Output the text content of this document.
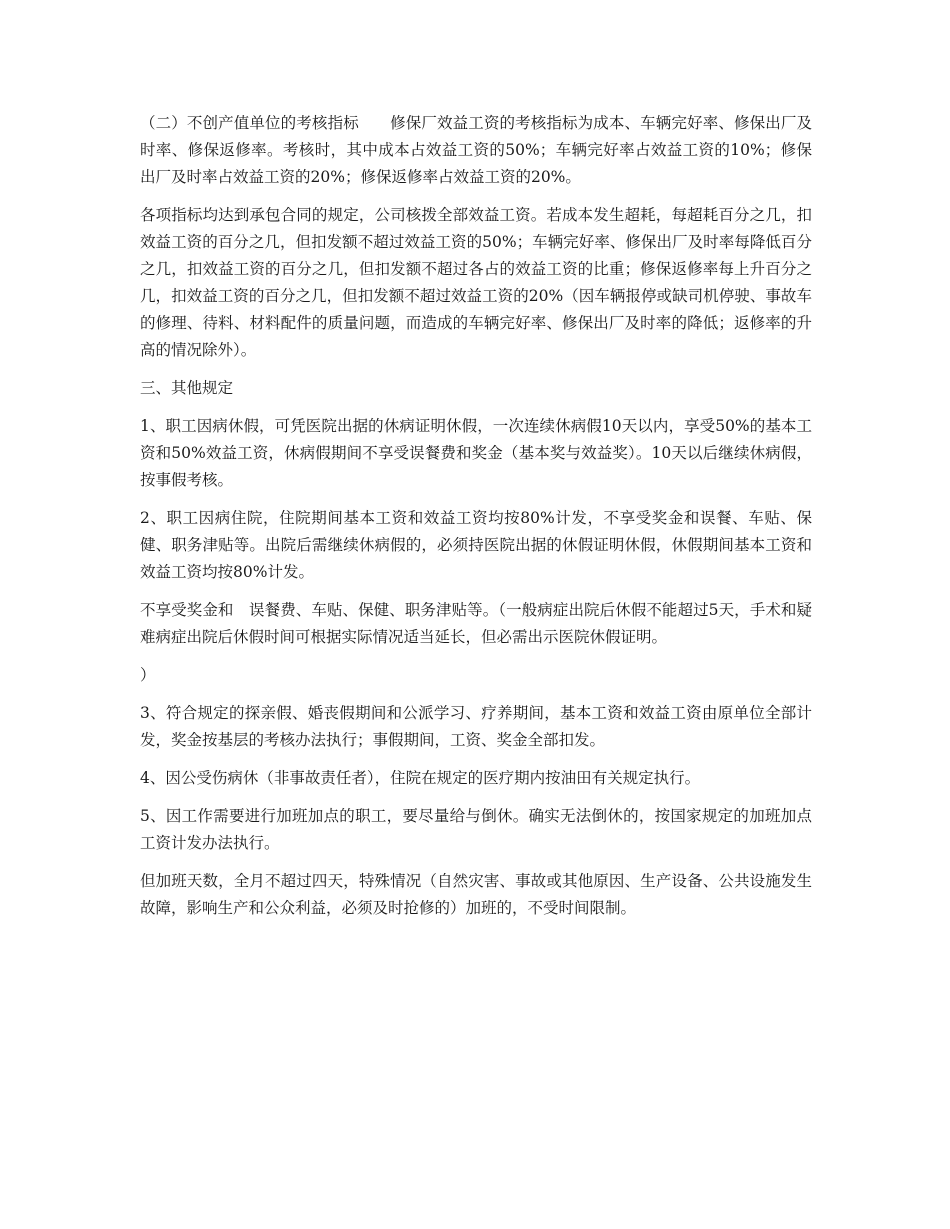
（二）不创产值单位的考核指标　　修保厂效益工资的考核指标为成本、车辆完好率、修保出厂及时率、修保返修率。考核时，其中成本占效益工资的50%；车辆完好率占效益工资的10%；修保出厂及时率占效益工资的20%；修保返修率占效益工资的20%。

各项指标均达到承包合同的规定，公司核拨全部效益工资。若成本发生超耗，每超耗百分之几，扣效益工资的百分之几，但扣发额不超过效益工资的50%；车辆完好率、修保出厂及时率每降低百分之几，扣效益工资的百分之几，但扣发额不超过各占的效益工资的比重；修保返修率每上升百分之几，扣效益工资的百分之几，但扣发额不超过效益工资的20%（因车辆报停或缺司机停驶、事故车的修理、待料、材料配件的质量问题，而造成的车辆完好率、修保出厂及时率的降低；返修率的升高的情况除外）。

三、其他规定

1、职工因病休假，可凭医院出据的休病证明休假，一次连续休病假10天以内，享受50%的基本工资和50%效益工资，休病假期间不享受误餐费和奖金（基本奖与效益奖）。10天以后继续休病假，按事假考核。

2、职工因病住院，住院期间基本工资和效益工资均按80%计发，不享受奖金和误餐、车贴、保健、职务津贴等。出院后需继续休病假的，必须持医院出据的休假证明休假，休假期间基本工资和效益工资均按80%计发。

不享受奖金和　误餐费、车贴、保健、职务津贴等。（一般病症出院后休假不能超过5天，手术和疑难病症出院后休假时间可根据实际情况适当延长，但必需出示医院休假证明。

）

3、符合规定的探亲假、婚丧假期间和公派学习、疗养期间，基本工资和效益工资由原单位全部计发，奖金按基层的考核办法执行；事假期间，工资、奖金全部扣发。

4、因公受伤病休（非事故责任者），住院在规定的医疗期内按油田有关规定执行。

5、因工作需要进行加班加点的职工，要尽量给与倒休。确实无法倒休的，按国家规定的加班加点工资计发办法执行。

但加班天数，全月不超过四天，特殊情况（自然灾害、事故或其他原因、生产设备、公共设施发生故障，影响生产和公众利益，必须及时抢修的）加班的，不受时间限制。
